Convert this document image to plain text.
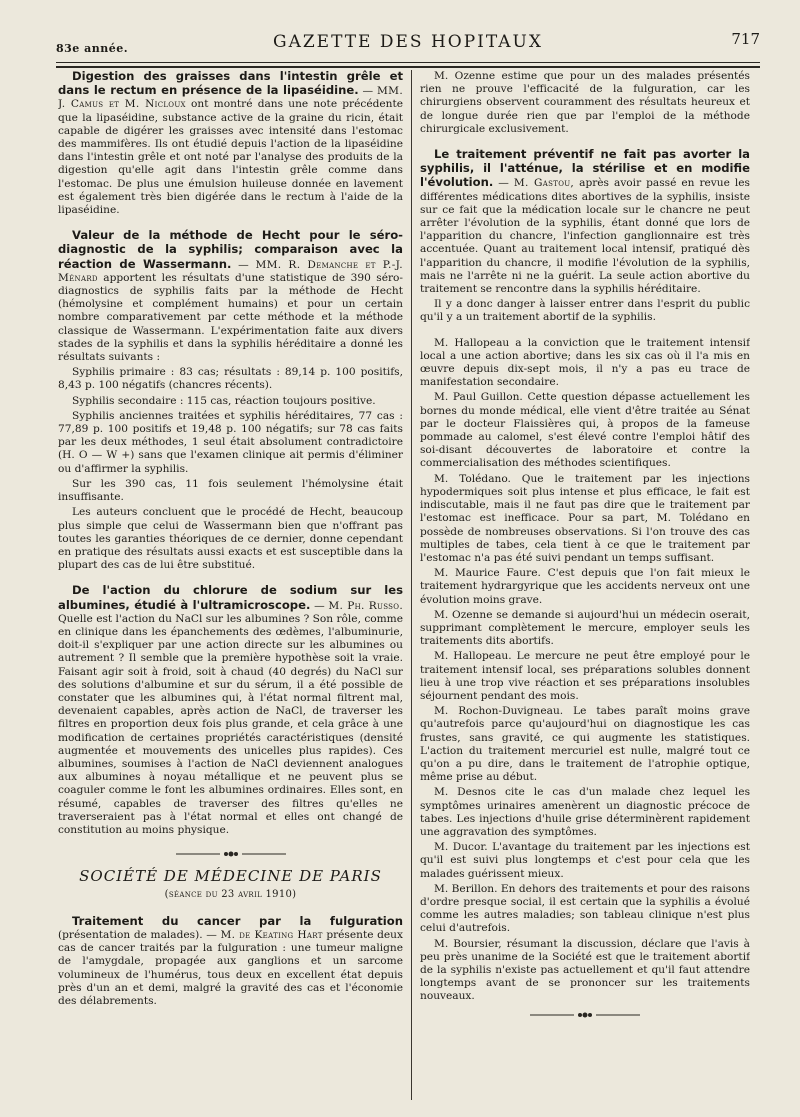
83e année.	GAZETTE DES HOPITAUX	717

Digestion des graisses dans l'intestin grêle et dans le rectum en présence de la lipaséidine. — MM. J. Camus et M. Nicloux ont montré dans une note précédente que la lipaséidine, substance active de la graine du ricin, était capable de digérer les graisses avec intensité dans l'estomac des mammifères. Ils ont étudié depuis l'action de la lipaséidine dans l'intestin grêle et ont noté par l'analyse des produits de la digestion qu'elle agit dans l'intestin grêle comme dans l'estomac. De plus une émulsion huileuse donnée en lavement est également très bien digérée dans le rectum à l'aide de la lipaséidine.

Valeur de la méthode de Hecht pour le séro-diagnostic de la syphilis; comparaison avec la réaction de Wassermann. — MM. R. Demanche et P.-J. Ménard apportent les résultats d'une statistique de 390 séro-diagnostics de syphilis faits par la méthode de Hecht (hémolysine et complément humains) et pour un certain nombre comparativement par cette méthode et la méthode classique de Wassermann. L'expérimentation faite aux divers stades de la syphilis et dans la syphilis héréditaire a donné les résultats suivants :

Syphilis primaire : 83 cas; résultats : 89,14 p. 100 positifs, 8,43 p. 100 négatifs (chancres récents).

Syphilis secondaire : 115 cas, réaction toujours positive.

Syphilis anciennes traitées et syphilis héréditaires, 77 cas : 77,89 p. 100 positifs et 19,48 p. 100 négatifs; sur 78 cas faits par les deux méthodes, 1 seul était absolument contradictoire (H. O — W +) sans que l'examen clinique ait permis d'éliminer ou d'affirmer la syphilis.

Sur les 390 cas, 11 fois seulement l'hémolysine était insuffisante.

Les auteurs concluent que le procédé de Hecht, beaucoup plus simple que celui de Wassermann bien que n'offrant pas toutes les garanties théoriques de ce dernier, donne cependant en pratique des résultats aussi exacts et est susceptible dans la plupart des cas de lui être substitué.

De l'action du chlorure de sodium sur les albumines, étudié à l'ultramicroscope. — M. Ph. Russo. Quelle est l'action du NaCl sur les albumines ? Son rôle, comme en clinique dans les épanchements des œdèmes, l'albuminurie, doit-il s'expliquer par une action directe sur les albumines ou autrement ? Il semble que la première hypothèse soit la vraie. Faisant agir soit à froid, soit à chaud (40 degrés) du NaCl sur des solutions d'albumine et sur du sérum, il a été possible de constater que les albumines qui, à l'état normal filtrent mal, devenaient capables, après action de NaCl, de traverser les filtres en proportion deux fois plus grande, et cela grâce à une modification de certaines propriétés caractéristiques (densité augmentée et mouvements des unicelles plus rapides). Ces albumines, soumises à l'action de NaCl deviennent analogues aux albumines à noyau métallique et ne peuvent plus se coaguler comme le font les albumines ordinaires. Elles sont, en résumé, capables de traverser des filtres qu'elles ne traverseraient pas à l'état normal et elles ont changé de constitution au moins physique.

SOCIÉTÉ DE MÉDECINE DE PARIS
(séance du 23 avril 1910)

Traitement du cancer par la fulguration (présentation de malades). — M. de Keating Hart présente deux cas de cancer traités par la fulguration : une tumeur maligne de l'amygdale, propagée aux ganglions et un sarcome volumineux de l'humérus, tous deux en excellent état depuis près d'un an et demi, malgré la gravité des cas et l'économie des délabrements.

M. Ozenne estime que pour un des malades présentés rien ne prouve l'efficacité de la fulguration, car les chirurgiens observent couramment des résultats heureux et de longue durée rien que par l'emploi de la méthode chirurgicale exclusivement.

Le traitement préventif ne fait pas avorter la syphilis, il l'atténue, la stérilise et en modifie l'évolution. — M. Gastou, après avoir passé en revue les différentes médications dites abortives de la syphilis, insiste sur ce fait que la médication locale sur le chancre ne peut arrêter l'évolution de la syphilis, étant donné que lors de l'apparition du chancre, l'infection ganglionnaire est très accentuée. Quant au traitement local intensif, pratiqué dès l'apparition du chancre, il modifie l'évolution de la syphilis, mais ne l'arrête ni ne la guérit. La seule action abortive du traitement se rencontre dans la syphilis héréditaire.

Il y a donc danger à laisser entrer dans l'esprit du public qu'il y a un traitement abortif de la syphilis.

M. Hallopeau a la conviction que le traitement intensif local a une action abortive; dans les six cas où il l'a mis en œuvre depuis dix-sept mois, il n'y a pas eu trace de manifestation secondaire.

M. Paul Guillon. Cette question dépasse actuellement les bornes du monde médical, elle vient d'être traitée au Sénat par le docteur Flaissières qui, à propos de la fameuse pommade au calomel, s'est élevé contre l'emploi hâtif des soi-disant découvertes de laboratoire et contre la commercialisation des méthodes scientifiques.

M. Tolédano. Que le traitement par les injections hypodermiques soit plus intense et plus efficace, le fait est indiscutable, mais il ne faut pas dire que le traitement par l'estomac est inefficace. Pour sa part, M. Tolédano en possède de nombreuses observations. Si l'on trouve des cas multiples de tabes, cela tient à ce que le traitement par l'estomac n'a pas été suivi pendant un temps suffisant.

M. Maurice Faure. C'est depuis que l'on fait mieux le traitement hydrargyrique que les accidents nerveux ont une évolution moins grave.

M. Ozenne se demande si aujourd'hui un médecin oserait, supprimant complètement le mercure, employer seuls les traitements dits abortifs.

M. Hallopeau. Le mercure ne peut être employé pour le traitement intensif local, ses préparations solubles donnent lieu à une trop vive réaction et ses préparations insolubles séjournent pendant des mois.

M. Rochon-Duvigneau. Le tabes paraît moins grave qu'autrefois parce qu'aujourd'hui on diagnostique les cas frustes, sans gravité, ce qui augmente les statistiques. L'action du traitement mercuriel est nulle, malgré tout ce qu'on a pu dire, dans le traitement de l'atrophie optique, même prise au début.

M. Desnos cite le cas d'un malade chez lequel les symptômes urinaires amenèrent un diagnostic précoce de tabes. Les injections d'huile grise déterminèrent rapidement une aggravation des symptômes.

M. Ducor. L'avantage du traitement par les injections est qu'il est suivi plus longtemps et c'est pour cela que les malades guérissent mieux.

M. Berillon. En dehors des traitements et pour des raisons d'ordre presque social, il est certain que la syphilis a évolué comme les autres maladies; son tableau clinique n'est plus celui d'autrefois.

M. Boursier, résumant la discussion, déclare que l'avis à peu près unanime de la Société est que le traitement abortif de la syphilis n'existe pas actuellement et qu'il faut attendre longtemps avant de se prononcer sur les traitements nouveaux.
